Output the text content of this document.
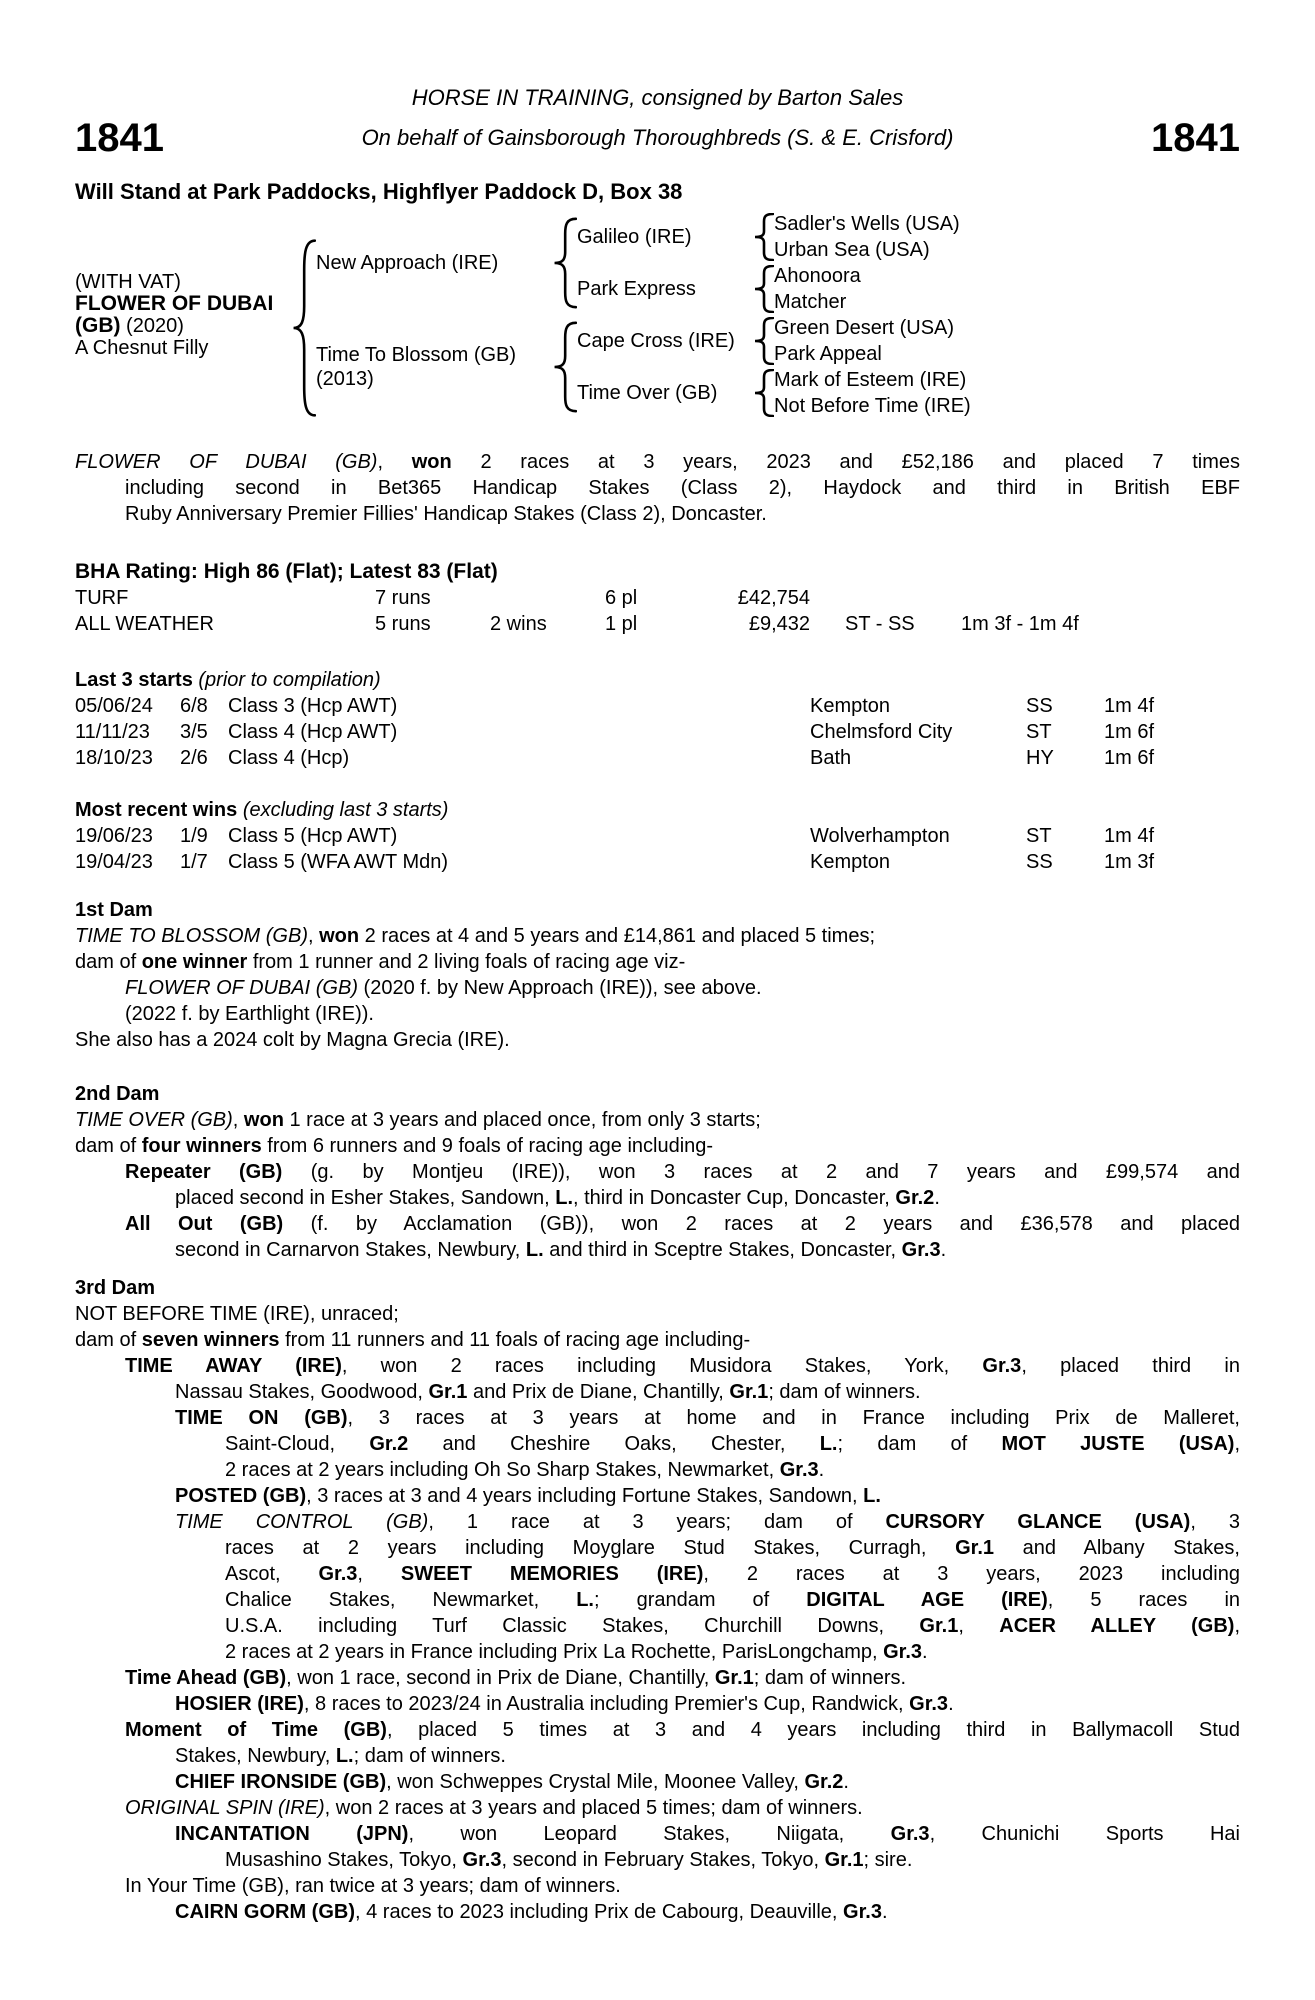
HORSE IN TRAINING, consigned by Barton Sales
1841	On behalf of Gainsborough Thoroughbreds (S. & E. Crisford)	1841
Will Stand at Park Paddocks, Highflyer Paddock D, Box 38
(WITH VAT)
FLOWER OF DUBAI
(GB) (2020)
A Chesnut Filly
New Approach (IRE)
Time To Blossom (GB)
(2013)
Galileo (IRE)
Park Express
Cape Cross (IRE)
Time Over (GB)
Sadler's Wells (USA)
Urban Sea (USA)
Ahonoora
Matcher
Green Desert (USA)
Park Appeal
Mark of Esteem (IRE)
Not Before Time (IRE)
FLOWER OF DUBAI (GB), won 2 races at 3 years, 2023 and £52,186 and placed 7 times
including second in Bet365 Handicap Stakes (Class 2), Haydock and third in British EBF
Ruby Anniversary Premier Fillies' Handicap Stakes (Class 2), Doncaster.
BHA Rating: High 86 (Flat); Latest 83 (Flat)
TURF	7 runs	6 pl	£42,754
ALL WEATHER	5 runs	2 wins	1 pl	£9,432	ST - SS	1m 3f - 1m 4f
Last 3 starts (prior to compilation)
05/06/24	6/8	Class 3 (Hcp AWT)	Kempton	SS	1m 4f
11/11/23	3/5	Class 4 (Hcp AWT)	Chelmsford City	ST	1m 6f
18/10/23	2/6	Class 4 (Hcp)	Bath	HY	1m 6f
Most recent wins (excluding last 3 starts)
19/06/23	1/9	Class 5 (Hcp AWT)	Wolverhampton	ST	1m 4f
19/04/23	1/7	Class 5 (WFA AWT Mdn)	Kempton	SS	1m 3f
1st Dam
TIME TO BLOSSOM (GB), won 2 races at 4 and 5 years and £14,861 and placed 5 times;
dam of one winner from 1 runner and 2 living foals of racing age viz-
FLOWER OF DUBAI (GB) (2020 f. by New Approach (IRE)), see above.
(2022 f. by Earthlight (IRE)).
She also has a 2024 colt by Magna Grecia (IRE).
2nd Dam
TIME OVER (GB), won 1 race at 3 years and placed once, from only 3 starts;
dam of four winners from 6 runners and 9 foals of racing age including-
Repeater (GB) (g. by Montjeu (IRE)), won 3 races at 2 and 7 years and £99,574 and
placed second in Esher Stakes, Sandown, L., third in Doncaster Cup, Doncaster, Gr.2.
All Out (GB) (f. by Acclamation (GB)), won 2 races at 2 years and £36,578 and placed
second in Carnarvon Stakes, Newbury, L. and third in Sceptre Stakes, Doncaster, Gr.3.
3rd Dam
NOT BEFORE TIME (IRE), unraced;
dam of seven winners from 11 runners and 11 foals of racing age including-
TIME AWAY (IRE), won 2 races including Musidora Stakes, York, Gr.3, placed third in
Nassau Stakes, Goodwood, Gr.1 and Prix de Diane, Chantilly, Gr.1; dam of winners.
TIME ON (GB), 3 races at 3 years at home and in France including Prix de Malleret,
Saint-Cloud, Gr.2 and Cheshire Oaks, Chester, L.; dam of MOT JUSTE (USA),
2 races at 2 years including Oh So Sharp Stakes, Newmarket, Gr.3.
POSTED (GB), 3 races at 3 and 4 years including Fortune Stakes, Sandown, L.
TIME CONTROL (GB), 1 race at 3 years; dam of CURSORY GLANCE (USA), 3
races at 2 years including Moyglare Stud Stakes, Curragh, Gr.1 and Albany Stakes,
Ascot, Gr.3, SWEET MEMORIES (IRE), 2 races at 3 years, 2023 including
Chalice Stakes, Newmarket, L.; grandam of DIGITAL AGE (IRE), 5 races in
U.S.A. including Turf Classic Stakes, Churchill Downs, Gr.1, ACER ALLEY (GB),
2 races at 2 years in France including Prix La Rochette, ParisLongchamp, Gr.3.
Time Ahead (GB), won 1 race, second in Prix de Diane, Chantilly, Gr.1; dam of winners.
HOSIER (IRE), 8 races to 2023/24 in Australia including Premier's Cup, Randwick, Gr.3.
Moment of Time (GB), placed 5 times at 3 and 4 years including third in Ballymacoll Stud
Stakes, Newbury, L.; dam of winners.
CHIEF IRONSIDE (GB), won Schweppes Crystal Mile, Moonee Valley, Gr.2.
ORIGINAL SPIN (IRE), won 2 races at 3 years and placed 5 times; dam of winners.
INCANTATION (JPN), won Leopard Stakes, Niigata, Gr.3, Chunichi Sports Hai
Musashino Stakes, Tokyo, Gr.3, second in February Stakes, Tokyo, Gr.1; sire.
In Your Time (GB), ran twice at 3 years; dam of winners.
CAIRN GORM (GB), 4 races to 2023 including Prix de Cabourg, Deauville, Gr.3.
